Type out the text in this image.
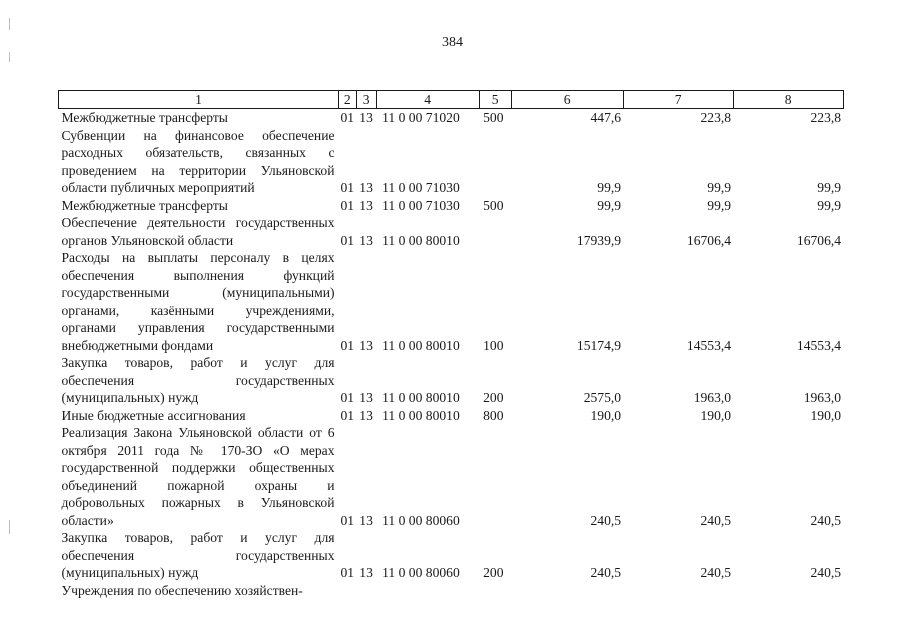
384
1	2	3	4	5	6	7	8
Межбюджетные трансферты	01	13	11 0 00 71020	500	447,6	223,8	223,8
Субвенции на финансовое обеспечение расходных обязательств, связанных с проведением на территории Ульяновской области публичных мероприятий	01	13	11 0 00 71030		99,9	99,9	99,9
Межбюджетные трансферты	01	13	11 0 00 71030	500	99,9	99,9	99,9
Обеспечение деятельности государственных органов Ульяновской области	01	13	11 0 00 80010		17939,9	16706,4	16706,4
Расходы на выплаты персоналу в целях обеспечения выполнения функций государственными (муниципальными) органами, казёнными учреждениями, органами управления государственными внебюджетными фондами	01	13	11 0 00 80010	100	15174,9	14553,4	14553,4
Закупка товаров, работ и услуг для обеспечения государственных (муниципальных) нужд	01	13	11 0 00 80010	200	2575,0	1963,0	1963,0
Иные бюджетные ассигнования	01	13	11 0 00 80010	800	190,0	190,0	190,0
Реализация Закона Ульяновской области от 6 октября 2011 года № 170-ЗО «О мерах государственной поддержки общественных объединений пожарной охраны и добровольных пожарных в Ульяновской области»	01	13	11 0 00 80060		240,5	240,5	240,5
Закупка товаров, работ и услуг для обеспечения государственных (муниципальных) нужд	01	13	11 0 00 80060	200	240,5	240,5	240,5
Учреждения по обеспечению хозяйствен-							
